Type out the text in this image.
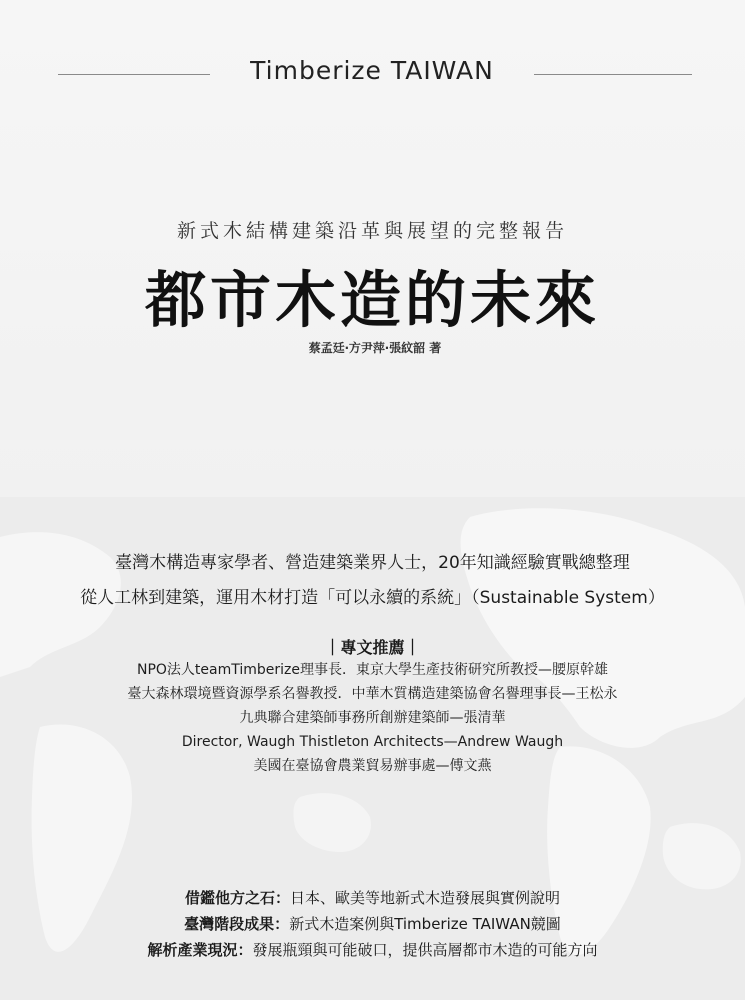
Timberize TAIWAN
新式木結構建築沿革與展望的完整報告
都市木造的未來
蔡孟廷‧方尹萍‧張紋韶 著
臺灣木構造專家學者、營造建築業界人士，20年知識經驗實戰總整理
從人工林到建築，運用木材打造「可以永續的系統」（Sustainable System）
｜專文推薦｜
NPO法人teamTimberize理事長．東京大學生產技術研究所教授—腰原幹雄
臺大森林環境暨資源學系名譽教授．中華木質構造建築協會名譽理事長—王松永
九典聯合建築師事務所創辦建築師—張清華
Director, Waugh Thistleton Architects—Andrew Waugh
美國在臺協會農業貿易辦事處—傅文燕
借鑑他方之石：日本、歐美等地新式木造發展與實例說明
臺灣階段成果：新式木造案例與Timberize TAIWAN競圖
解析產業現況：發展瓶頸與可能破口，提供高層都市木造的可能方向
